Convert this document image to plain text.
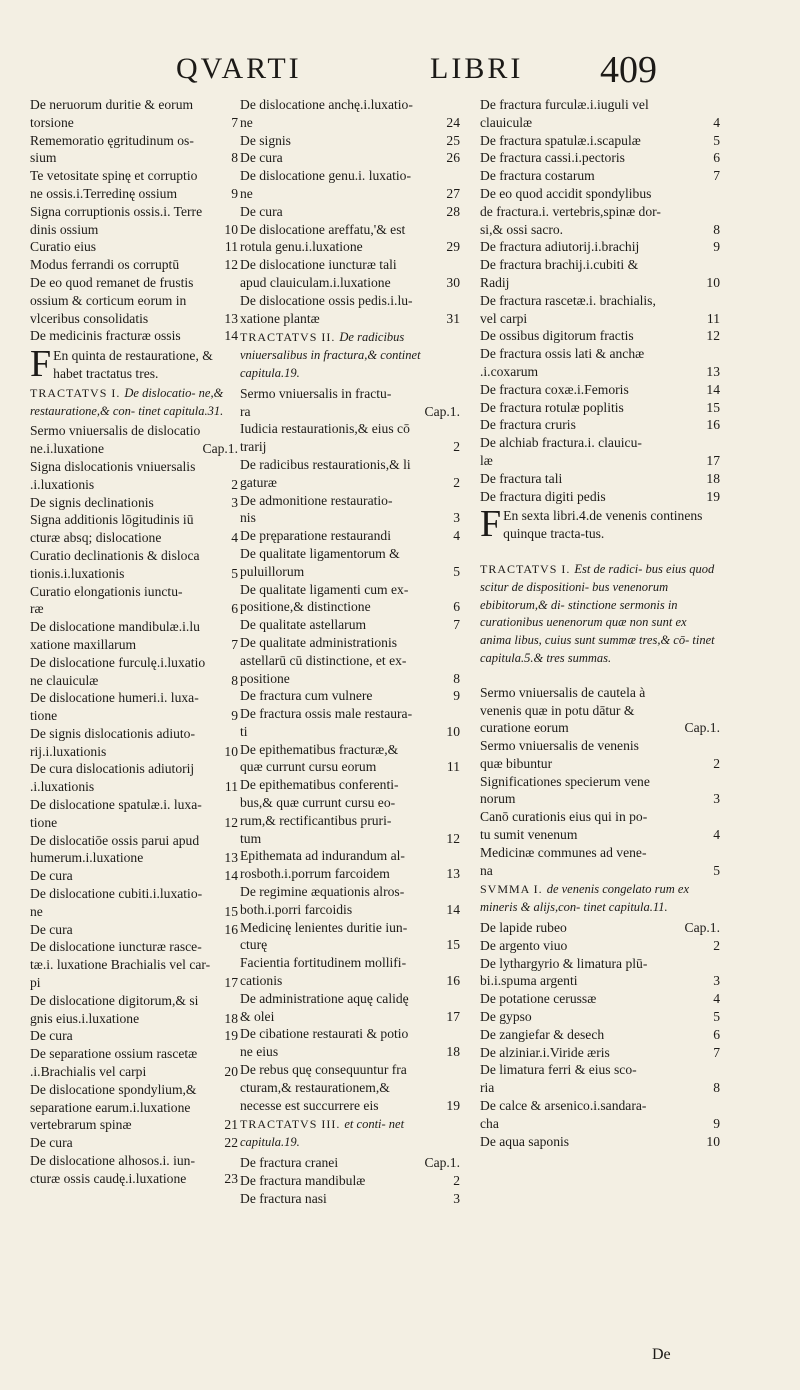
QVARTI	LIBRI 409
De neruorum duritie & eorum
torsione	7
Rememoratio ęgritudinum os-
sium	8
Te vetositate spinę et corruptio
ne ossis.i.Terredinę ossium	9
Signa corruptionis ossis.i. Terre
dinis ossium	10
Curatio eius	11
Modus ferrandi os corruptū	12
De eo quod remanet de frustis
ossium & corticum eorum in
vlceribus consolidatis	13
De medicinis fracturæ ossis	14
F En quinta de restauratione, & habet tractatus tres.
TRACTATVS I. De dislocatio- ne,& restauratione,& con- tinet capitula.31.
Sermo vniuersalis de dislocatio
ne.i.luxatione	Cap.1.
Signa dislocationis vniuersalis
.i.luxationis	2
De signis declinationis	3
Signa additionis lōgitudinis iū
cturæ absq; dislocatione	4
Curatio declinationis & disloca
tionis.i.luxationis	5
Curatio elongationis iunctu-
ræ	6
De dislocatione mandibulæ.i.lu
xatione maxillarum	7
De dislocatione furculę.i.luxatio
ne clauiculæ	8
De dislocatione humeri.i. luxa-
tione	9
De signis dislocationis adiuto-
rij.i.luxationis	10
De cura dislocationis adiutorij
.i.luxationis	11
De dislocatione spatulæ.i. luxa-
tione	12
De dislocatiōe ossis parui apud
humerum.i.luxatione	13
De cura	14
De dislocatione cubiti.i.luxatio-
ne	15
De cura	16
De dislocatione iuncturæ rasce-
tæ.i. luxatione Brachialis vel car-
pi	17
De dislocatione digitorum,& si
gnis eius.i.luxatione	18
De cura	19
De separatione ossium rascetæ
.i.Brachialis vel carpi	20
De dislocatione spondylium,&
separatione earum.i.luxatione
vertebrarum spinæ	21
De cura	22
De dislocatione alhosos.i. iun-
cturæ ossis caudę.i.luxatione	23
De dislocatione anchę.i.luxatio-
ne	24
De signis	25
De cura	26
De dislocatione genu.i. luxatio-
ne	27
De cura	28
De dislocatione areffatu,'& est
rotula genu.i.luxatione	29
De dislocatione iuncturæ tali
apud clauiculam.i.luxatione	30
De dislocatione ossis pedis.i.lu-
xatione plantæ	31
TRACTATVS II. De radicibus vniuersalibus in fractura,& continet capitula.19.
Sermo vniuersalis in fractu-
ra	Cap.1.
Iudicia restaurationis,& eius cō
trarij	2
De radicibus restaurationis,& li
gaturæ	2
De admonitione restauratio-
nis	3
De pręparatione restaurandi	4
De qualitate ligamentorum &
puluillorum	5
De qualitate ligamenti cum ex-
positione,& distinctione	6
De qualitate astellarum	7
De qualitate administrationis
astellarū cū distinctione, et ex-
positione	8
De fractura cum vulnere	9
De fractura ossis male restaura-
ti	10
De epithematibus fracturæ,&
quæ currunt cursu eorum	11
De epithematibus conferenti-
bus,& quæ currunt cursu eo-
rum,& rectificantibus pruri-
tum	12
Epithemata ad indurandum al-
rosboth.i.porrum farcoidem	13
De regimine æquationis alros-
both.i.porri farcoidis	14
Medicinę lenientes duritie iun-
cturę	15
Facientia fortitudinem mollifi-
cationis	16
De administratione aquę calidę
& olei	17
De cibatione restaurati & potio
ne eius	18
De rebus quę consequuntur fra
cturam,& restaurationem,&
necesse est succurrere eis	19
TRACTATVS III. et conti- net capitula.19.
De fractura cranei	Cap.1.
De fractura mandibulæ	2
De fractura nasi	3
De fractura furculæ.i.iuguli vel
clauiculæ	4
De fractura spatulæ.i.scapulæ	5
De fractura cassi.i.pectoris	6
De fractura costarum	7
De eo quod accidit spondylibus
de fractura.i. vertebris,spinæ dor-
si,& ossi sacro.	8
De fractura adiutorij.i.brachij	9
De fractura brachij.i.cubiti &
Radij	10
De fractura rascetæ.i. brachialis,
vel carpi	11
De ossibus digitorum fractis	12
De fractura ossis lati & anchæ
.i.coxarum	13
De fractura coxæ.i.Femoris	14
De fractura rotulæ poplitis	15
De fractura cruris	16
De alchiab fractura.i. clauicu-
læ	17
De fractura tali	18
De fractura digiti pedis	19
F En sexta libri.4.de venenis continens quinque tracta-tus.
TRACTATVS I. Est de radici- bus eius quod scitur de dispositioni- bus venenorum ebibitorum,& di- stinctione sermonis in curationibus uenenorum quæ non sunt ex anima libus, cuius sunt summæ tres,& cō- tinet capitula.5.& tres summas.
Sermo vniuersalis de cautela à
venenis quæ in potu dātur &
curatione eorum	Cap.1.
Sermo vniuersalis de venenis
quæ bibuntur	2
Significationes specierum vene
norum	3
Canō curationis eius qui in po-
tu sumit venenum	4
Medicinæ communes ad vene-
na	5
SVMMA I. de venenis congelato rum ex mineris & alijs,con- tinet capitula.11.
De lapide rubeo	Cap.1.
De argento viuo	2
De lythargyrio & limatura plū-
bi.i.spuma argenti	3
De potatione cerussæ	4
De gypso	5
De zangiefar & desech	6
De alziniar.i.Viride æris	7
De limatura ferri & eius sco-
ria	8
De calce & arsenico.i.sandara-
cha	9
De aqua saponis	10
De
